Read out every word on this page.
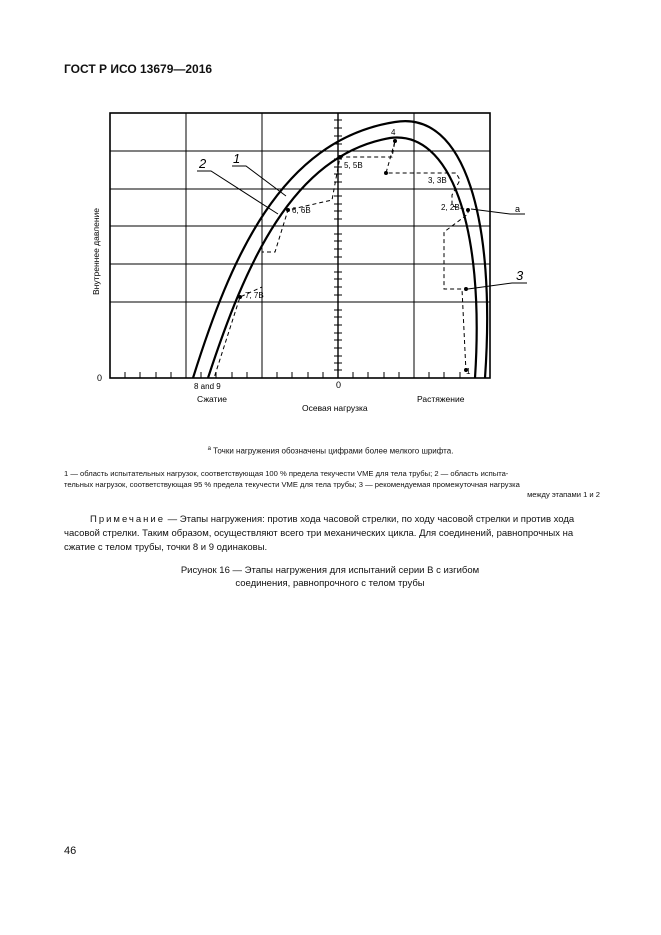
ГОСТ Р ИСО 13679—2016
Внутреннее давление
0
0
Осевая нагрузка
Сжатие	Растяжение
2 1
a
3
4
5, 5B
3, 3B
2, 2B
6, 6B
7, 7B
1
8 and 9
$^a$ Точки нагружения обозначены цифрами более мелкого шрифта.
1 — область испытательных нагрузок, соответствующая 100 % предела текучести VME для тела трубы; 2 — область испыта-
тельных нагрузок, соответствующая 95 % предела текучести VME для тела трубы; 3 — рекомендуемая промежуточная нагрузка
между этапами 1 и 2
Примечание — Этапы нагружения: против хода часовой стрелки, по ходу часовой стрелки и против хода часовой стрелки. Таким образом, осуществляют всего три механических цикла. Для соединений, равнопрочных на сжатие с телом трубы, точки 8 и 9 одинаковы.
Рисунок 16 — Этапы нагружения для испытаний серии B с изгибом
соединения, равнопрочного с телом трубы
46
